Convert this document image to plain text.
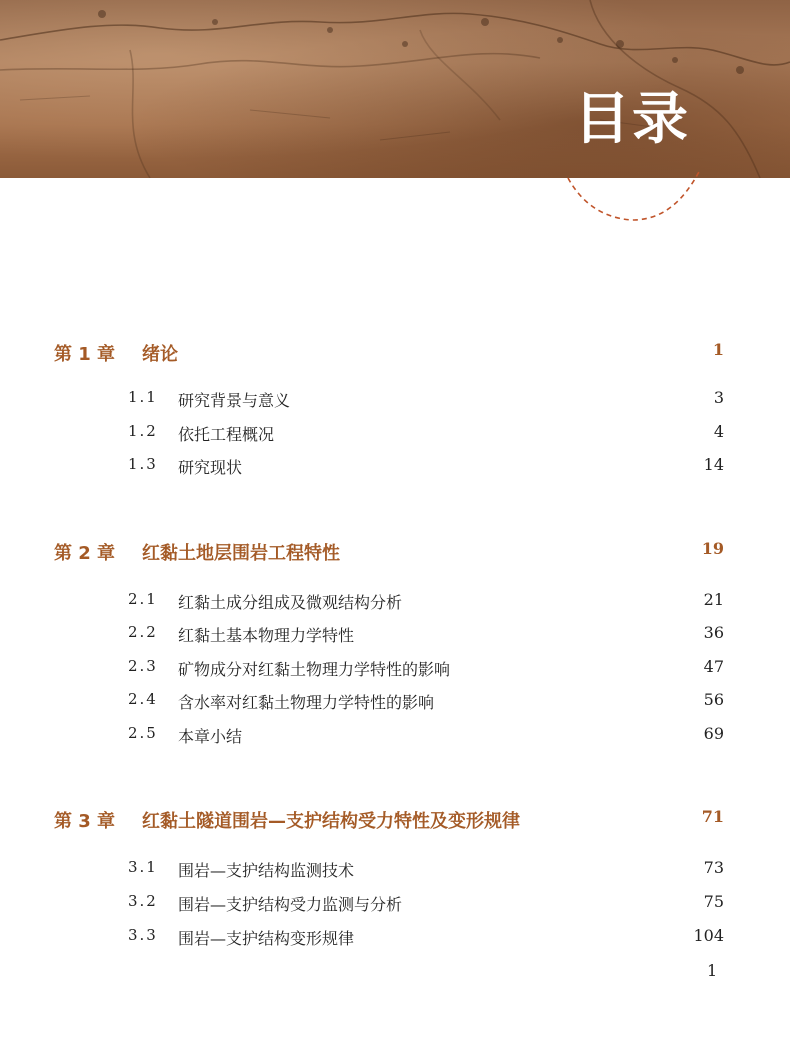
目录
第 1 章 绪论	1
1.1 研究背景与意义	3
1.2 依托工程概况	4
1.3 研究现状	14
第 2 章 红黏土地层围岩工程特性	19
2.1 红黏土成分组成及微观结构分析	21
2.2 红黏土基本物理力学特性	36
2.3 矿物成分对红黏土物理力学特性的影响	47
2.4 含水率对红黏土物理力学特性的影响	56
2.5 本章小结	69
第 3 章 红黏土隧道围岩—支护结构受力特性及变形规律	71
3.1 围岩—支护结构监测技术	73
3.2 围岩—支护结构受力监测与分析	75
3.3 围岩—支护结构变形规律	104
1
